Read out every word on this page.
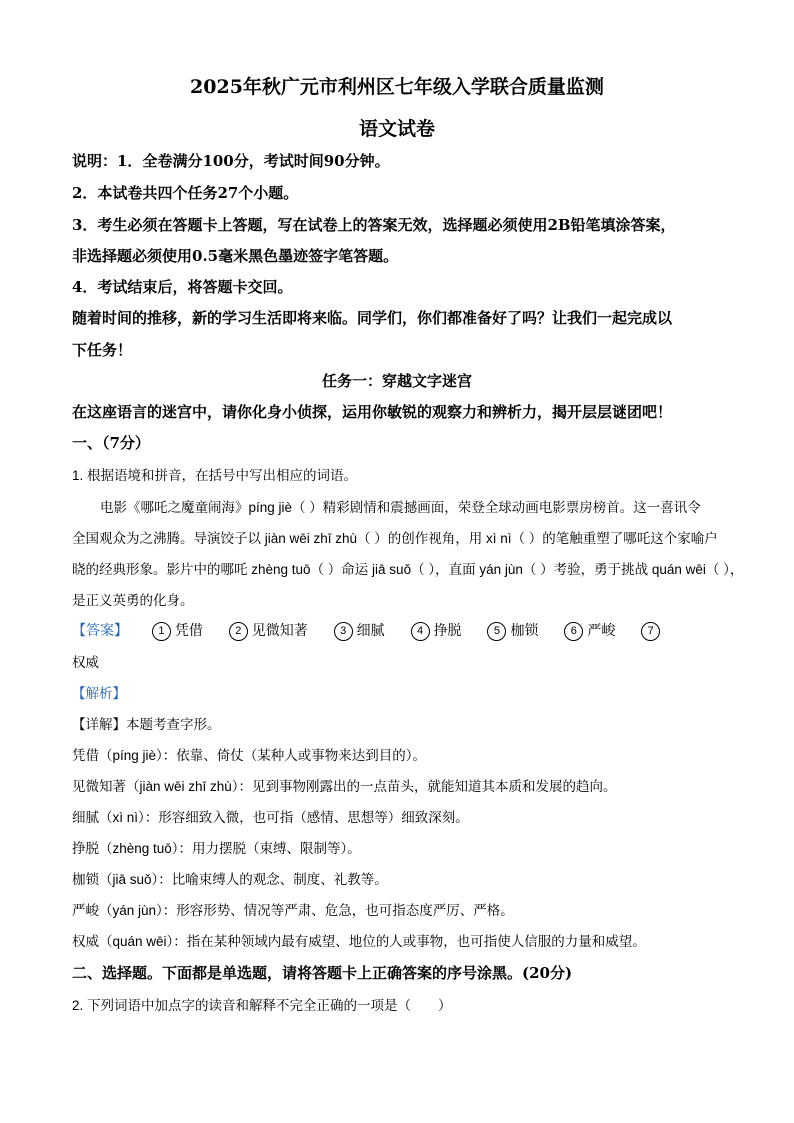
2025年秋广元市利州区七年级入学联合质量监测
语文试卷
说明：1．全卷满分100分，考试时间90分钟。
2．本试卷共四个任务27个小题。
3．考生必须在答题卡上答题，写在试卷上的答案无效，选择题必须使用2B铅笔填涂答案，
非选择题必须使用0.5毫米黑色墨迹签字笔答题。
4．考试结束后，将答题卡交回。
随着时间的推移，新的学习生活即将来临。同学们，你们都准备好了吗？让我们一起完成以
下任务！
任务一：穿越文字迷宫
在这座语言的迷宫中，请你化身小侦探，运用你敏锐的观察力和辨析力，揭开层层谜团吧！
一、（7分）
1. 根据语境和拼音，在括号中写出相应的词语。
电影《哪吒之魔童闹海》píng jiè（ ）精彩剧情和震撼画面，荣登全球动画电影票房榜首。这一喜讯令
全国观众为之沸腾。导演饺子以 jiàn wēi zhī zhù（ ）的创作视角，用 xì nì（ ）的笔触重塑了哪吒这个家喻户
晓的经典形象。影片中的哪吒 zhèng tuō（ ）命运 jiā suǒ（ ），直面 yán jùn（ ）考验，勇于挑战 quán wēi（ ），
是正义英勇的化身。
【答案】	1 凭借	2 见微知著	3 细腻	4 挣脱	5 枷锁	6 严峻	7
权威
【解析】
【详解】本题考查字形。
凭借（píng jiè）：依靠、倚仗（某种人或事物来达到目的）。
见微知著（jiàn wēi zhī zhù）：见到事物刚露出的一点苗头，就能知道其本质和发展的趋向。
细腻（xì nì）：形容细致入微，也可指（感情、思想等）细致深刻。
挣脱（zhèng tuō）：用力摆脱（束缚、限制等）。
枷锁（jiā suǒ）：比喻束缚人的观念、制度、礼教等。
严峻（yán jùn）：形容形势、情况等严肃、危急，也可指态度严厉、严格。
权威（quán wēi）：指在某种领域内最有威望、地位的人或事物，也可指使人信服的力量和威望。
二、选择题。下面都是单选题，请将答题卡上正确答案的序号涂黑。(20分)
2. 下列词语中加点字的读音和解释不完全正确的一项是（　　）
